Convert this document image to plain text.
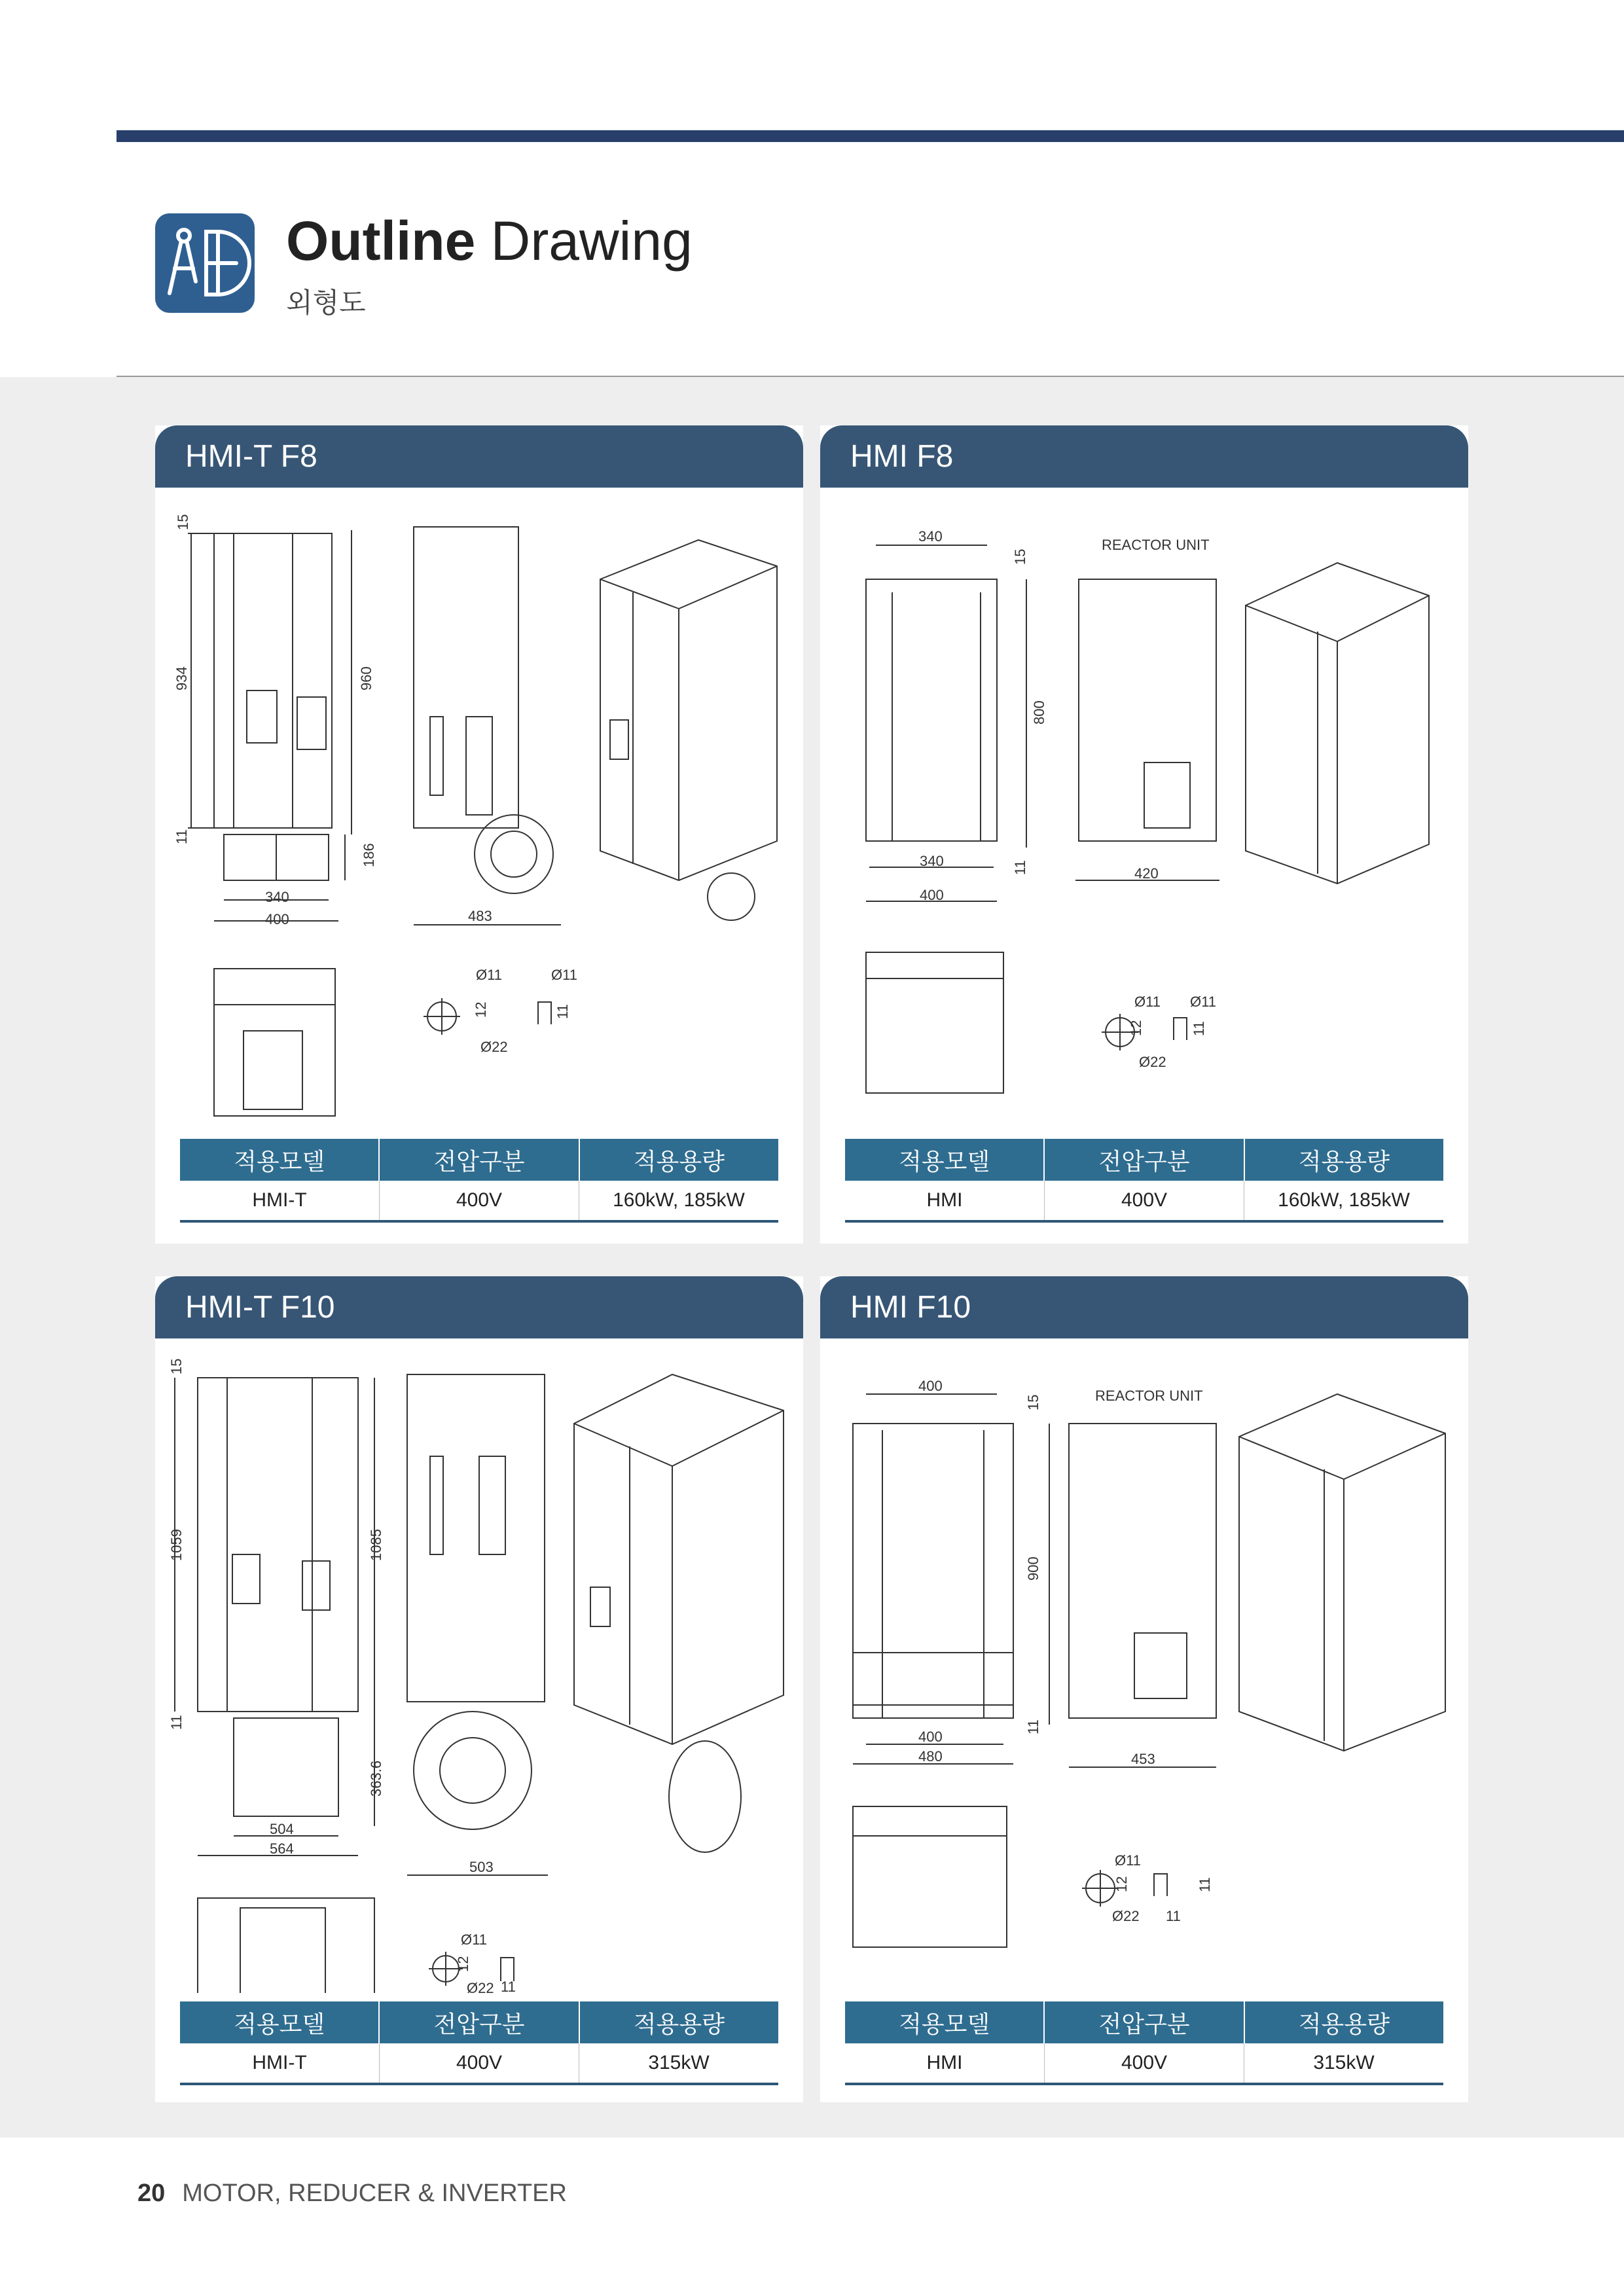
Outline Drawing
외형도
HMI-T F8
15
934
11
960
186
340
400	483
Ø11	Ø11
12	11
Ø22
적용모델	전압구분	적용용량
HMI-T	400V	160kW, 185kW
HMI F8
REACTOR UNIT
340
15
800
11
340
400
420
Ø11 Ø11
12	11
Ø22
적용모델	전압구분	적용용량
HMI	400V	160kW, 185kW
HMI-T F10
15
1059
11
1085
363.6
504
564
503
Ø11
12
Ø22 11
적용모델	전압구분	적용용량
HMI-T	400V	315kW
HMI F10
REACTOR UNIT
400
15
900
11
400
480	453
Ø11
12
Ø22
11
11
적용모델	전압구분	적용용량
HMI	400V	315kW
20 MOTOR, REDUCER & INVERTER
